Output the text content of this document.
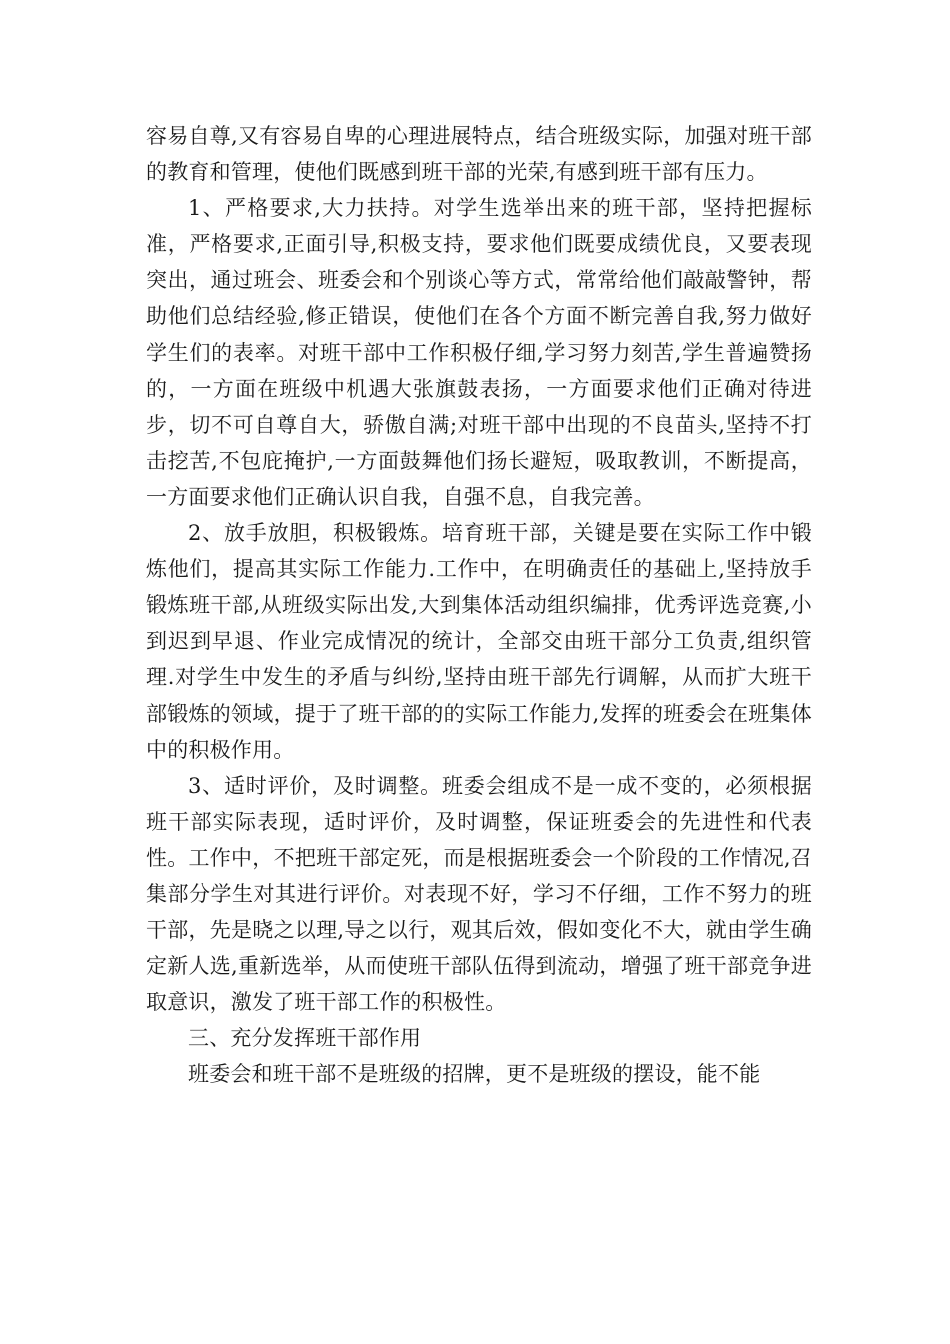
容易自尊,又有容易自卑的心理进展特点，结合班级实际，加强对班干部的教育和管理，使他们既感到班干部的光荣,有感到班干部有压力。

1、严格要求,大力扶持。对学生选举出来的班干部，坚持把握标准，严格要求,正面引导,积极支持，要求他们既要成绩优良，又要表现突出，通过班会、班委会和个别谈心等方式，常常给他们敲敲警钟，帮助他们总结经验,修正错误，使他们在各个方面不断完善自我,努力做好学生们的表率。对班干部中工作积极仔细,学习努力刻苦,学生普遍赞扬的，一方面在班级中机遇大张旗鼓表扬，一方面要求他们正确对待进步，切不可自尊自大，骄傲自满;对班干部中出现的不良苗头,坚持不打击挖苦,不包庇掩护,一方面鼓舞他们扬长避短，吸取教训，不断提高，一方面要求他们正确认识自我，自强不息，自我完善。

2、放手放胆，积极锻炼。培育班干部，关键是要在实际工作中锻炼他们，提高其实际工作能力.工作中，在明确责任的基础上,坚持放手锻炼班干部,从班级实际出发,大到集体活动组织编排，优秀评选竞赛,小到迟到早退、作业完成情况的统计，全部交由班干部分工负责,组织管理.对学生中发生的矛盾与纠纷,坚持由班干部先行调解，从而扩大班干部锻炼的领域，提于了班干部的的实际工作能力,发挥的班委会在班集体中的积极作用。

3、适时评价，及时调整。班委会组成不是一成不变的，必须根据班干部实际表现，适时评价，及时调整，保证班委会的先进性和代表性。工作中，不把班干部定死，而是根据班委会一个阶段的工作情况,召集部分学生对其进行评价。对表现不好，学习不仔细，工作不努力的班干部，先是晓之以理,导之以行，观其后效，假如变化不大，就由学生确定新人选,重新选举，从而使班干部队伍得到流动，增强了班干部竞争进取意识，激发了班干部工作的积极性。

三、充分发挥班干部作用

班委会和班干部不是班级的招牌，更不是班级的摆设，能不能
